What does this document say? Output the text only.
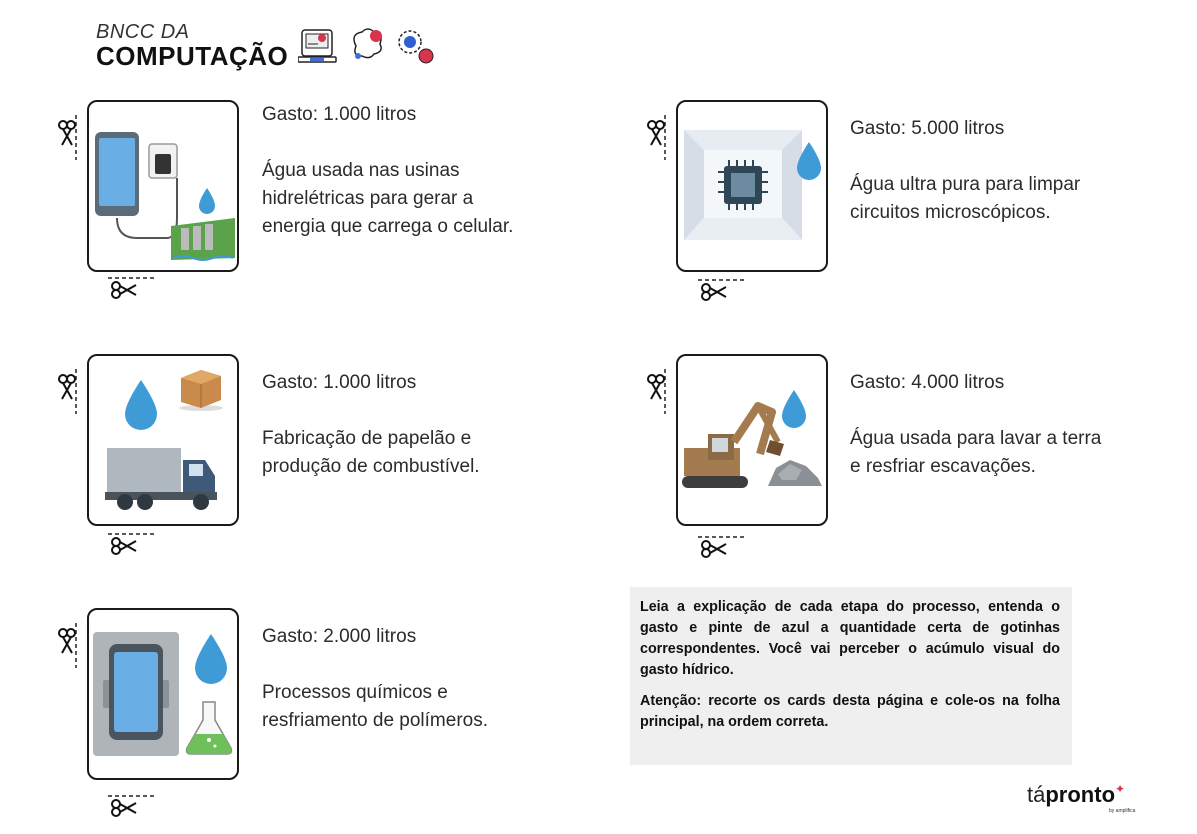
BNCC DA
COMPUTAÇÃO
Gasto: 1.000 litros
Água usada nas usinas hidrelétricas para gerar a energia que carrega o celular.
Gasto: 5.000 litros
Água ultra pura para limpar circuitos microscópicos.
Gasto: 1.000 litros
Fabricação de papelão e produção de combustível.
Gasto: 4.000 litros
Água usada para lavar a terra e resfriar escavações.
Gasto: 2.000 litros
Processos químicos e resfriamento de polímeros.

Leia a explicação de cada etapa do processo, entenda o gasto e pinte de azul a quantidade certa de gotinhas correspondentes. Você vai perceber o acúmulo visual do gasto hídrico.

Atenção: recorte os cards desta página e cole-os na folha principal, na ordem correta.

tápronto✦
by amplifica
